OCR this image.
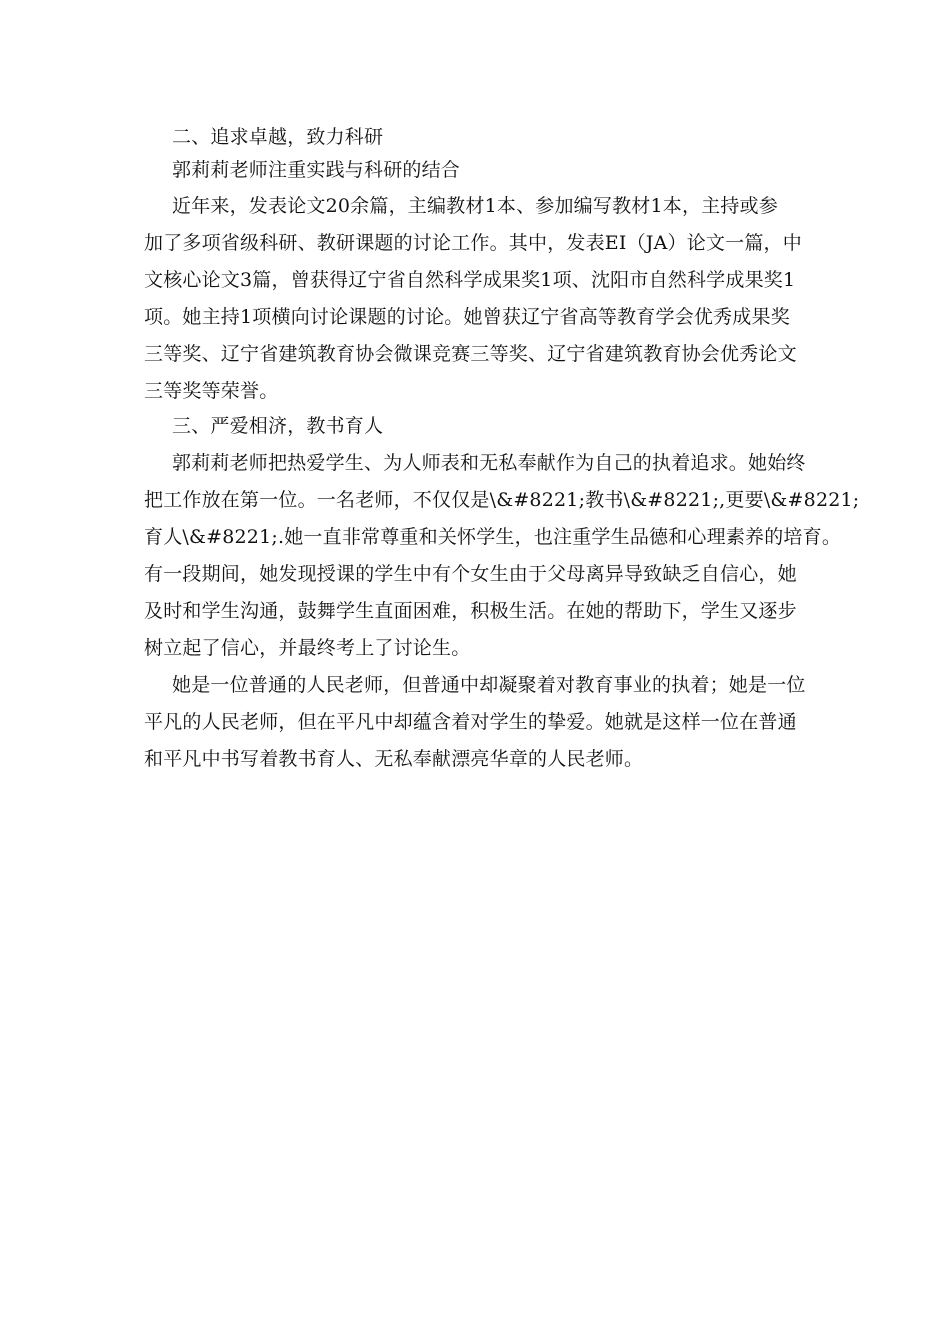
二、追求卓越，致力科研
郭莉莉老师注重实践与科研的结合
近年来，发表论文20余篇，主编教材1本、参加编写教材1本，主持或参
加了多项省级科研、教研课题的讨论工作。其中，发表EI（JA）论文一篇，中
文核心论文3篇，曾获得辽宁省自然科学成果奖1项、沈阳市自然科学成果奖1
项。她主持1项横向讨论课题的讨论。她曾获辽宁省高等教育学会优秀成果奖
三等奖、辽宁省建筑教育协会微课竞赛三等奖、辽宁省建筑教育协会优秀论文
三等奖等荣誉。
三、严爱相济，教书育人
郭莉莉老师把热爱学生、为人师表和无私奉献作为自己的执着追求。她始终
把工作放在第一位。一名老师，不仅仅是\&#8221;教书\&#8221;,更要\&#8221;
育人\&#8221;.她一直非常尊重和关怀学生，也注重学生品德和心理素养的培育。
有一段期间，她发现授课的学生中有个女生由于父母离异导致缺乏自信心，她
及时和学生沟通，鼓舞学生直面困难，积极生活。在她的帮助下，学生又逐步
树立起了信心，并最终考上了讨论生。
她是一位普通的人民老师，但普通中却凝聚着对教育事业的执着；她是一位
平凡的人民老师，但在平凡中却蕴含着对学生的挚爱。她就是这样一位在普通
和平凡中书写着教书育人、无私奉献漂亮华章的人民老师。
